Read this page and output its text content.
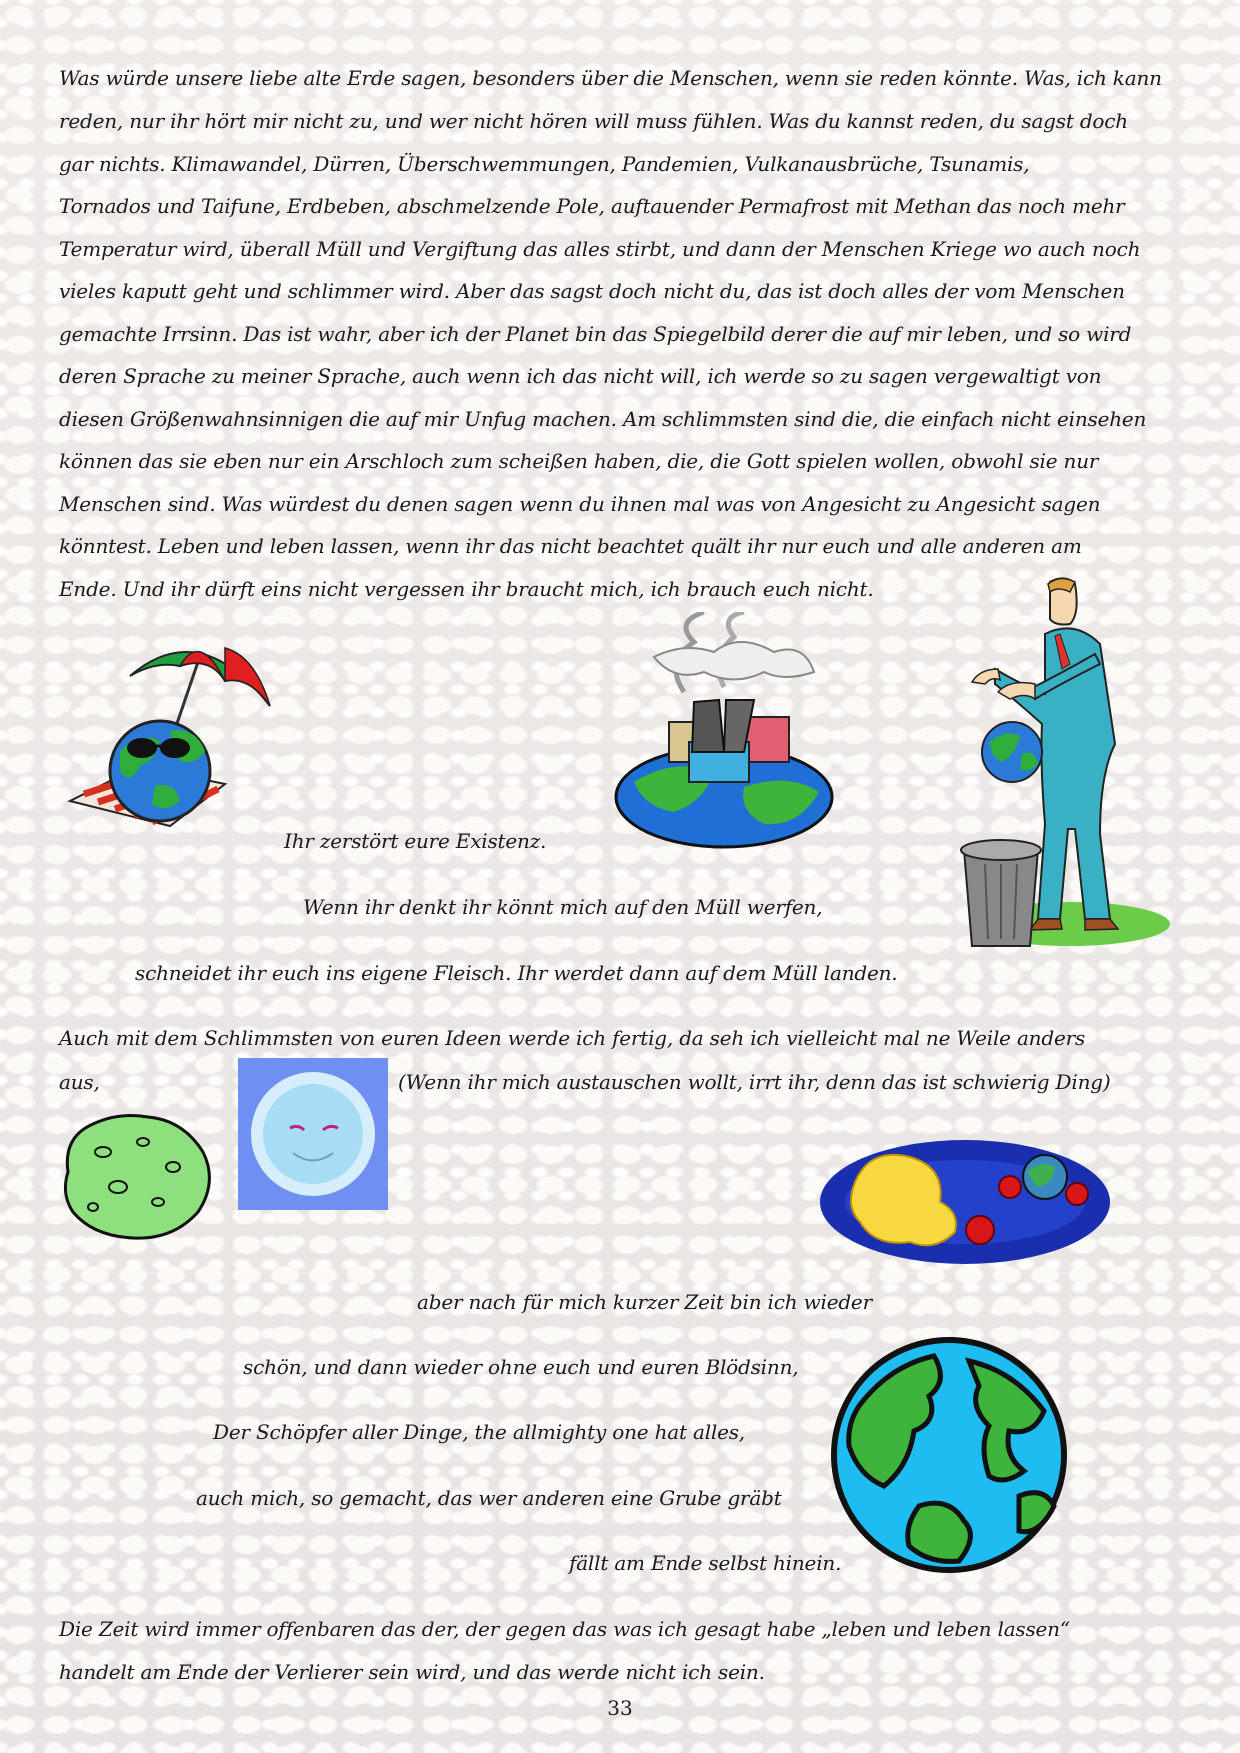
Was würde unsere liebe alte Erde sagen, besonders über die Menschen, wenn sie reden könnte. Was, ich kann

reden, nur ihr hört mir nicht zu, und wer nicht hören will muss fühlen. Was du kannst reden, du sagst doch

gar nichts. Klimawandel, Dürren, Überschwemmungen, Pandemien, Vulkanausbrüche, Tsunamis,

Tornados und Taifune, Erdbeben, abschmelzende Pole, auftauender Permafrost mit Methan das noch mehr

Temperatur wird, überall Müll und Vergiftung das alles stirbt, und dann der Menschen Kriege wo auch noch

vieles kaputt geht und schlimmer wird. Aber das sagst doch nicht du, das ist doch alles der vom Menschen

gemachte Irrsinn. Das ist wahr, aber ich der Planet bin das Spiegelbild derer die auf mir leben, und so wird

deren Sprache zu meiner Sprache, auch wenn ich das nicht will, ich werde so zu sagen vergewaltigt von

diesen Größenwahnsinnigen die auf mir Unfug machen. Am schlimmsten sind die, die einfach nicht einsehen

können das sie eben nur ein Arschloch zum scheißen haben, die, die Gott spielen wollen, obwohl sie nur

Menschen sind. Was würdest du denen sagen wenn du ihnen mal was von Angesicht zu Angesicht sagen

könntest. Leben und leben lassen, wenn ihr das nicht beachtet quält ihr nur euch und alle anderen am

Ende. Und ihr dürft eins nicht vergessen ihr braucht mich, ich brauch euch nicht.

Ihr zerstört eure Existenz.

Wenn ihr denkt ihr könnt mich auf den Müll werfen,

schneidet ihr euch ins eigene Fleisch. Ihr werdet dann auf dem Müll landen.

Auch mit dem Schlimmsten von euren Ideen werde ich fertig, da seh ich vielleicht mal ne Weile anders

aus,	(Wenn ihr mich austauschen wollt, irrt ihr, denn das ist schwierig Ding)

aber nach für mich kurzer Zeit bin ich wieder

schön, und dann wieder ohne euch und euren Blödsinn,

Der Schöpfer aller Dinge, the allmighty one hat alles,

auch mich, so gemacht, das wer anderen eine Grube gräbt

fällt am Ende selbst hinein.

Die Zeit wird immer offenbaren das der, der gegen das was ich gesagt habe „leben und leben lassen“

handelt am Ende der Verlierer sein wird, und das werde nicht ich sein.

33
